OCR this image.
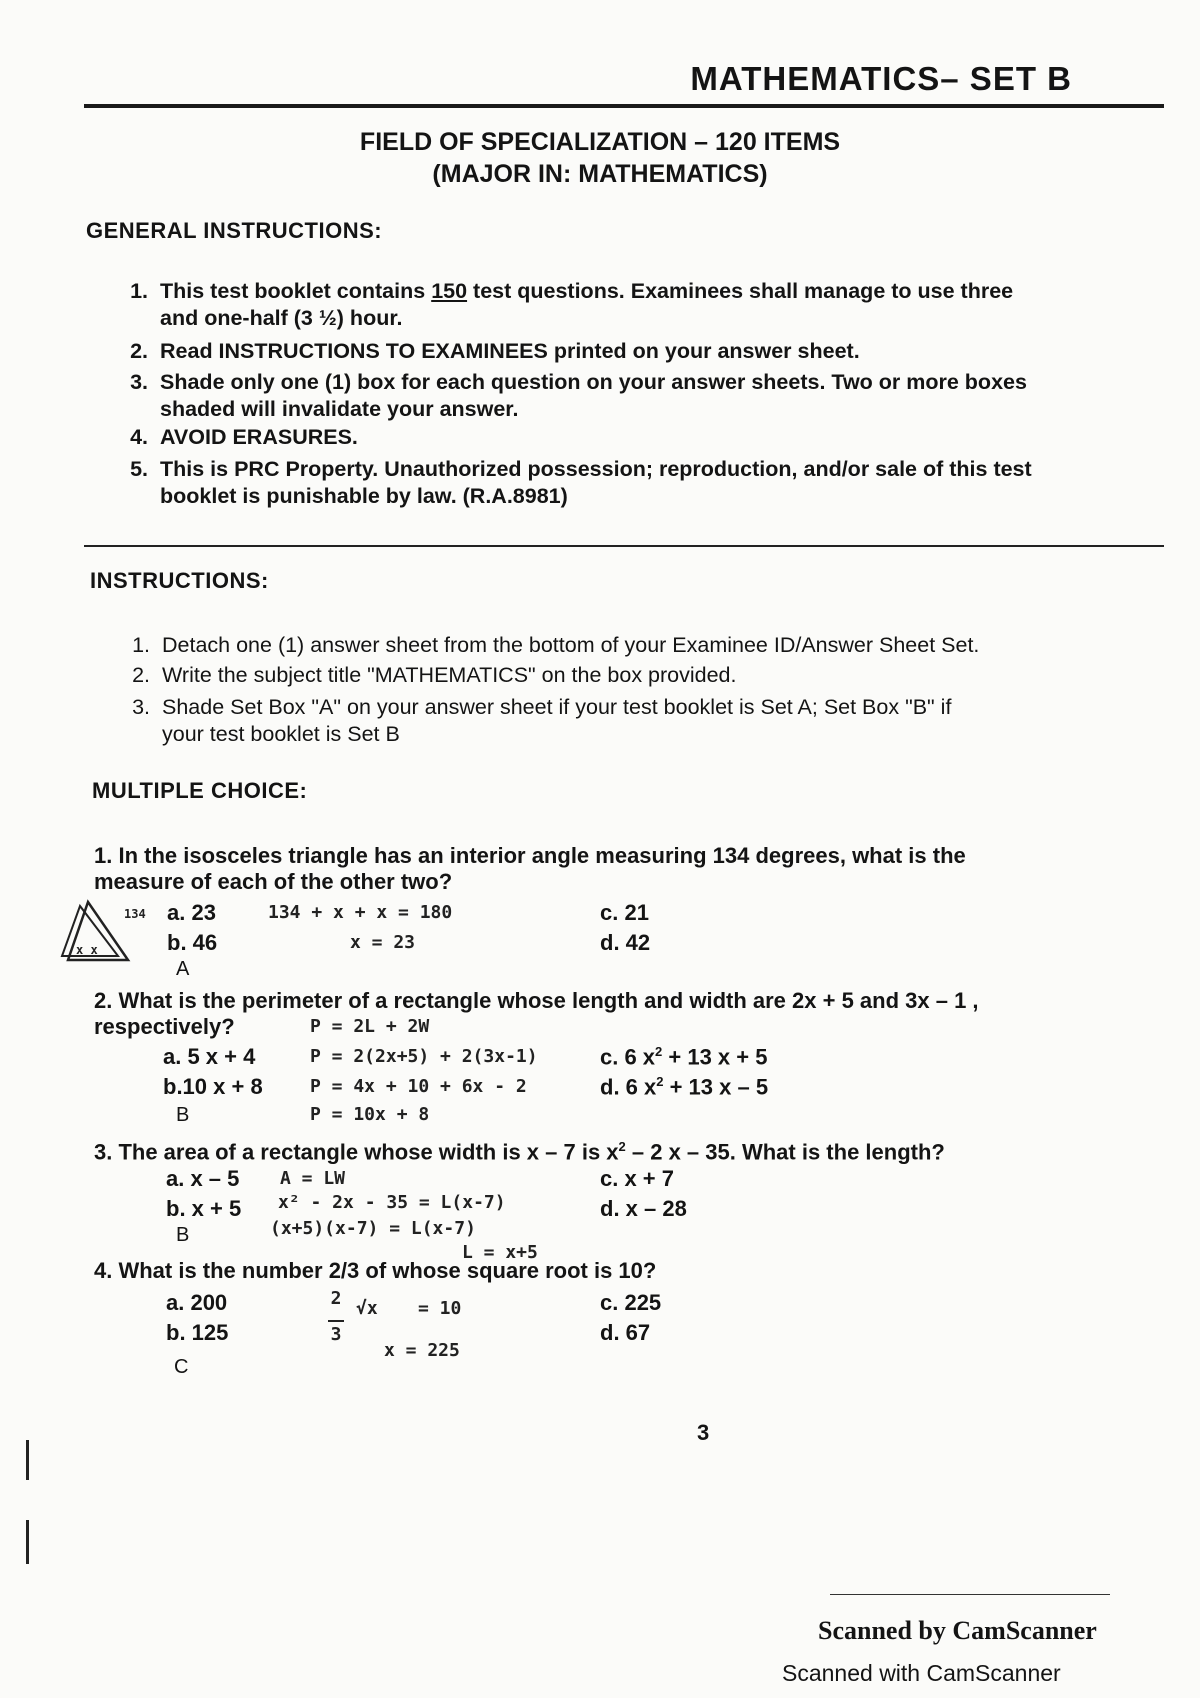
MATHEMATICS– SET B
FIELD OF SPECIALIZATION – 120 ITEMS
(MAJOR IN: MATHEMATICS)
GENERAL INSTRUCTIONS:
1. This test booklet contains 150 test questions. Examinees shall manage to use three
and one-half (3 ½) hour.
2. Read INSTRUCTIONS TO EXAMINEES printed on your answer sheet.
3. Shade only one (1) box for each question on your answer sheets. Two or more boxes
shaded will invalidate your answer.
4. AVOID ERASURES.
5. This is PRC Property. Unauthorized possession; reproduction, and/or sale of this test
booklet is punishable by law. (R.A.8981)
INSTRUCTIONS:
1. Detach one (1) answer sheet from the bottom of your Examinee ID/Answer Sheet Set.
2. Write the subject title "MATHEMATICS" on the box provided.
3. Shade Set Box "A" on your answer sheet if your test booklet is Set A; Set Box "B" if
your test booklet is Set B
MULTIPLE CHOICE:
1. In the isosceles triangle has an interior angle measuring 134 degrees, what is the
measure of each of the other two?
134
x x
a. 23
b. 46
c. 21
d. 42
A
134 + x + x = 180
x = 23
2. What is the perimeter of a rectangle whose length and width are 2x + 5 and 3x – 1 ,
respectively?	P = 2L + 2W
a. 5 x + 4
b.10 x + 8
P = 2(2x+5) + 2(3x-1)
P = 4x + 10 + 6x - 2
P = 10x + 8
c. 6 $x^2 + 13$ x + 5
d. 6 $x^2 + 13$ x – 5
B
3. The area of a rectangle whose width is x – 7 is $x^2 - 2$ x – 35. What is the length?
a. x – 5
b. x + 5
c. x + 7
d. x – 28
A = LW
x² - 2x - 35 = L(x-7)
(x+5)(x-7) = L(x-7)
L = x+5
B
4. What is the number 2/3 of whose square root is 10?
a. 200
b. 125
c. 225
d. 67
2

3
√x = 10
x = 225
C
3
Scanned by CamScanner
Scanned with CamScanner
